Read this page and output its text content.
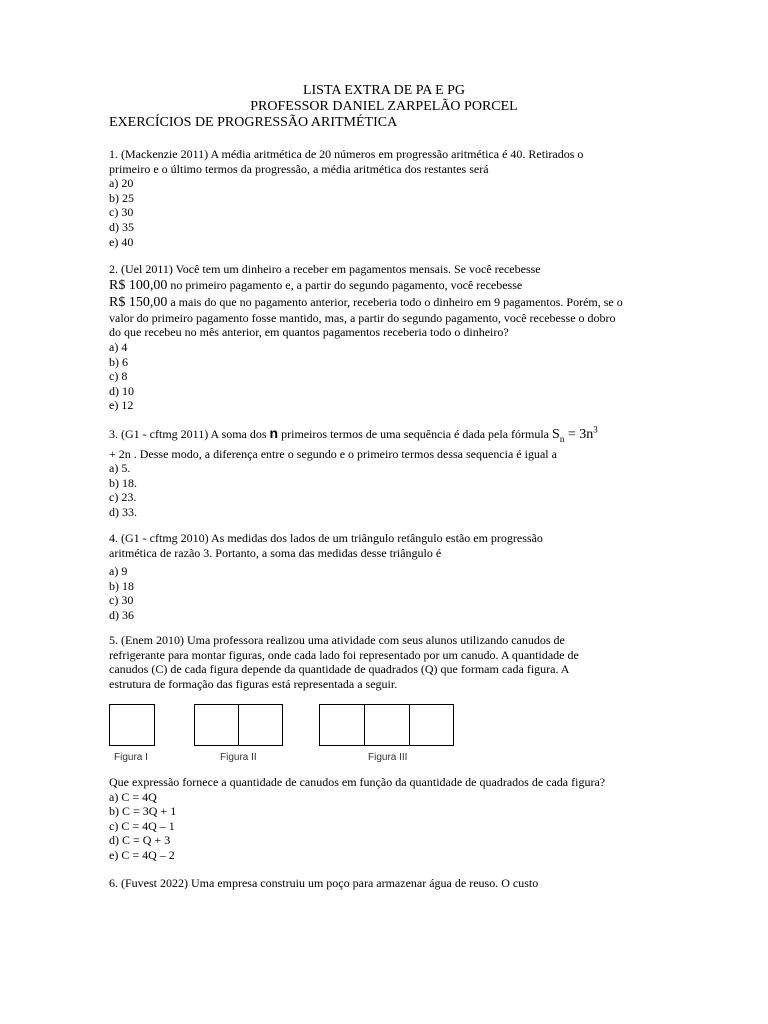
LISTA EXTRA DE PA E PG
PROFESSOR DANIEL ZARPELÃO PORCEL
EXERCÍCIOS DE PROGRESSÃO ARITMÉTICA

1. (Mackenzie 2011) A média aritmética de 20 números em progressão aritmética é 40. Retirados o

primeiro e o último termos da progressão, a média aritmética dos restantes será

a) 20
b) 25
c) 30
d) 35
e) 40

2. (Uel 2011) Você tem um dinheiro a receber em pagamentos mensais. Se você recebesse

R$ 100,00 no primeiro pagamento e, a partir do segundo pagamento, você recebesse

R$ 150,00 a mais do que no pagamento anterior, receberia todo o dinheiro em 9 pagamentos. Porém, se o

valor do primeiro pagamento fosse mantido, mas, a partir do segundo pagamento, você recebesse o dobro

do que recebeu no mês anterior, em quantos pagamentos receberia todo o dinheiro?

a) 4
b) 6
c) 8
d) 10
e) 12

3. (G1 - cftmg 2011) A soma dos n primeiros termos de uma sequência é dada pela fórmula $S_n = 3n^3$

+ 2n . Desse modo, a diferença entre o segundo e o primeiro termos dessa sequencia é igual a

a) 5.
b) 18.
c) 23.
d) 33.

4. (G1 - cftmg 2010) As medidas dos lados de um triângulo retângulo estão em progressão

aritmética de razão 3. Portanto, a soma das medidas desse triângulo é

a) 9
b) 18
c) 30
d) 36

5. (Enem 2010) Uma professora realizou uma atividade com seus alunos utilizando canudos de

refrigerante para montar figuras, onde cada lado foi representado por um canudo. A quantidade de

canudos (C) de cada figura depende da quantidade de quadrados (Q) que formam cada figura. A

estrutura de formação das figuras está representada a seguir.

Figura I	Figura II	Figura III

Que expressão fornece a quantidade de canudos em função da quantidade de quadrados de cada figura?

a) C = 4Q
b) C = 3Q + 1
c) C = 4Q – 1
d) C = Q + 3
e) C = 4Q – 2

6. (Fuvest 2022) Uma empresa construiu um poço para armazenar água de reuso. O custo
